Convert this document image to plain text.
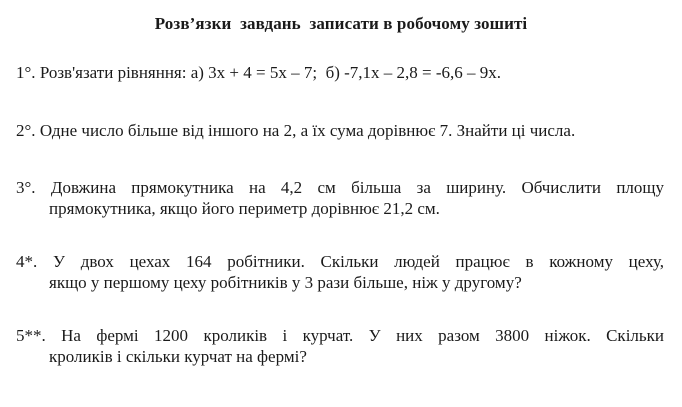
Розв’язки  завдань  записати в робочому зошиті
1°. Розв'язати рівняння: а) 3x + 4 = 5x – 7;  б) -7,1x – 2,8 = -6,6 – 9x.
2°. Одне число більше від іншого на 2, а їх сума дорівнює 7. Знайти ці числа.
3°. Довжина прямокутника на 4,2 см більша за ширину. Обчислити площу
прямокутника, якщо його периметр дорівнює 21,2 см.
4*. У двох цехах 164 робітники. Скільки людей працює в кожному цеху,
якщо у першому цеху робітників у 3 рази більше, ніж у другому?
5**. На фермі 1200 кроликів і курчат. У них разом 3800 ніжок. Скільки
кроликів і скільки курчат на фермі?
